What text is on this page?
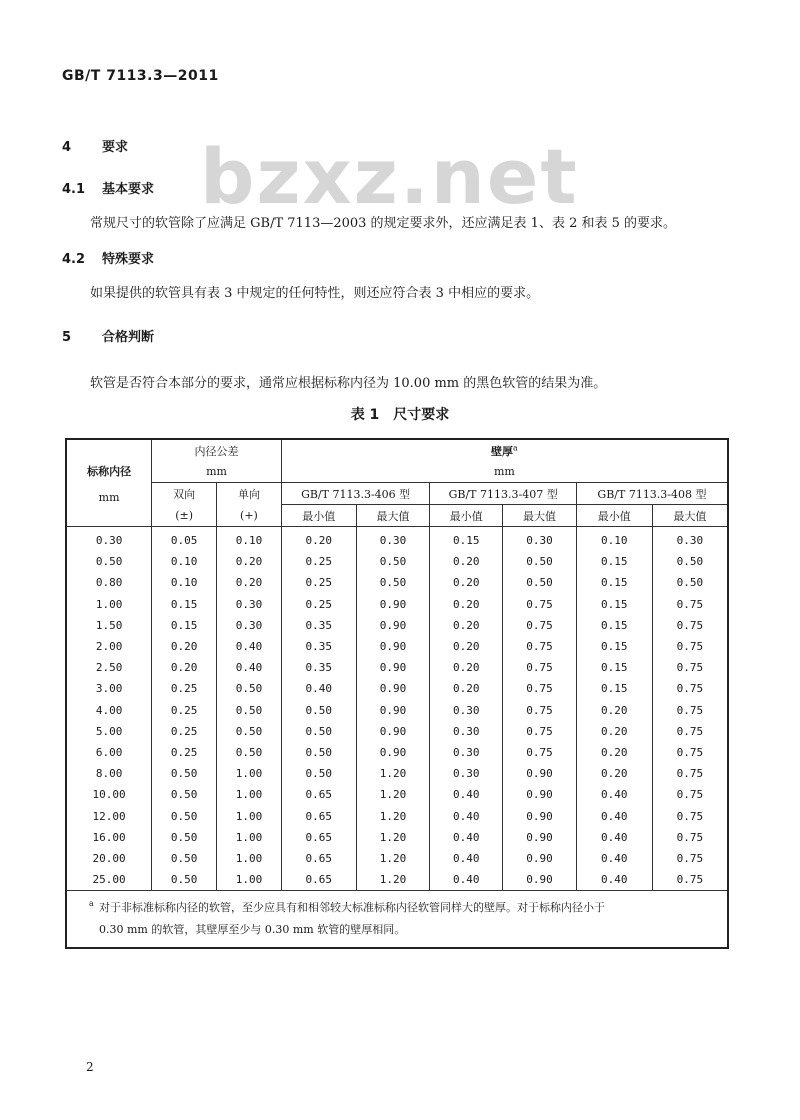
GB/T 7113.3—2011
bzxz.net
4 要求
4.1 基本要求
常规尺寸的软管除了应满足 GB/T 7113—2003 的规定要求外，还应满足表 1、表 2 和表 5 的要求。
4.2 特殊要求
如果提供的软管具有表 3 中规定的任何特性，则还应符合表 3 中相应的要求。
5 合格判断
软管是否符合本部分的要求，通常应根据标称内径为 10.00 mm 的黑色软管的结果为准。
表 1　尺寸要求
标称内径
mm	内径公差		壁厚$^a$
	mm		mm					
	双向	单向	GB/T 7113.3-406 型		GB/T 7113.3-407 型		GB/T 7113.3-408 型	
	(±)	(+)	最小值	最大值	最小值	最大值	最小值	最大值
0.30	0.05	0.10	0.20	0.30	0.15	0.30	0.10	0.30
0.50	0.10	0.20	0.25	0.50	0.20	0.50	0.15	0.50
0.80	0.10	0.20	0.25	0.50	0.20	0.50	0.15	0.50
1.00	0.15	0.30	0.25	0.90	0.20	0.75	0.15	0.75
1.50	0.15	0.30	0.35	0.90	0.20	0.75	0.15	0.75
2.00	0.20	0.40	0.35	0.90	0.20	0.75	0.15	0.75
2.50	0.20	0.40	0.35	0.90	0.20	0.75	0.15	0.75
3.00	0.25	0.50	0.40	0.90	0.20	0.75	0.15	0.75
4.00	0.25	0.50	0.50	0.90	0.30	0.75	0.20	0.75
5.00	0.25	0.50	0.50	0.90	0.30	0.75	0.20	0.75
6.00	0.25	0.50	0.50	0.90	0.30	0.75	0.20	0.75
8.00	0.50	1.00	0.50	1.20	0.30	0.90	0.20	0.75
10.00	0.50	1.00	0.65	1.20	0.40	0.90	0.40	0.75
12.00	0.50	1.00	0.65	1.20	0.40	0.90	0.40	0.75
16.00	0.50	1.00	0.65	1.20	0.40	0.90	0.40	0.75
20.00	0.50	1.00	0.65	1.20	0.40	0.90	0.40	0.75
25.00	0.50	1.00	0.65	1.20	0.40	0.90	0.40	0.75

a 对于非标准标称内径的软管，至少应具有和相邻较大标准标称内径软管同样大的壁厚。对于标称内径小于
0.30 mm 的软管，其壁厚至少与 0.30 mm 软管的壁厚相同。								
2
